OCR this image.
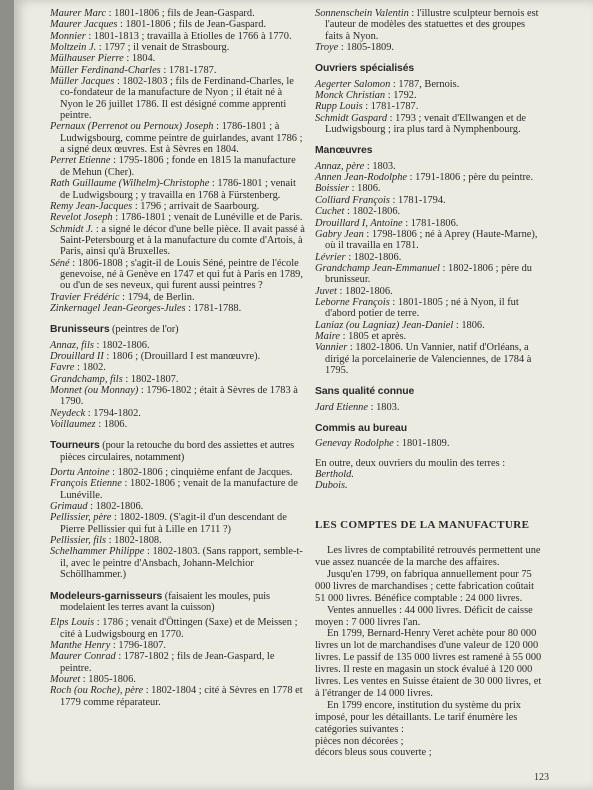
Maurer Marc : 1801-1806 ; fils de Jean-Gaspard.

Maurer Jacques : 1801-1806 ; fils de Jean-Gaspard.

Monnier : 1801-1813 ; travailla à Etiolles de 1766 à 1770.

Moltzein J. : 1797 ; il venait de Strasbourg.

Mülhauser Pierre : 1804.

Müller Ferdinand-Charles : 1781-1787.

Müller Jacques : 1802-1803 ; fils de Ferdinand-Charles, le co-fondateur de la manufacture de Nyon ; il était né à Nyon le 26 juillet 1786. Il est désigné comme apprenti peintre.

Pernaux (Perrenot ou Pernoux) Joseph : 1786-1801 ; à Ludwigsbourg, comme peintre de guirlandes, avant 1786 ; a signé deux œuvres. Est à Sèvres en 1804.

Perret Etienne : 1795-1806 ; fonde en 1815 la manufacture de Mehun (Cher).

Rath Guillaume (Wilhelm)-Christophe : 1786-1801 ; venait de Ludwigsbourg ; y travailla en 1768 à Fürstenberg.

Remy Jean-Jacques : 1796 ; arrivait de Saarbourg.

Revelot Joseph : 1786-1801 ; venait de Lunéville et de Paris.

Schmidt J. : a signé le décor d'une belle pièce. Il avait passé à Saint-Petersbourg et à la manufacture du comte d'Artois, à Paris, ainsi qu'à Bruxelles.

Séné : 1806-1808 ; s'agit-il de Louis Séné, peintre de l'école genevoise, né à Genève en 1747 et qui fut à Paris en 1789, ou d'un de ses neveux, qui furent aussi peintres ?

Travier Frédéric : 1794, de Berlin.

Zinkernagel Jean-Georges-Jules : 1781-1788.

Brunisseurs (peintres de l'or)

Annaz, fils : 1802-1806.

Drouillard II : 1806 ; (Drouillard I est manœuvre).

Favre : 1802.

Grandchamp, fils : 1802-1807.

Monnet (ou Monnay) : 1796-1802 ; était à Sèvres de 1783 à 1790.

Neydeck : 1794-1802.

Voillaumez : 1806.

Tourneurs (pour la retouche du bord des assiettes et autres pièces circulaires, notamment)

Dortu Antoine : 1802-1806 ; cinquième enfant de Jacques.

François Etienne : 1802-1806 ; venait de la manufacture de Lunéville.

Grimaud : 1802-1806.

Pellissier, père : 1802-1809. (S'agit-il d'un descendant de Pierre Pellissier qui fut à Lille en 1711 ?)

Pellissier, fils : 1802-1808.

Schelhammer Philippe : 1802-1803. (Sans rapport, semble-t-il, avec le peintre d'Ansbach, Johann-Melchior Schöllhammer.)

Modeleurs-garnisseurs (faisaient les moules, puis modelaient les terres avant la cuisson)

Elps Louis : 1786 ; venait d'Öttingen (Saxe) et de Meissen ; cité à Ludwigsbourg en 1770.

Manthe Henry : 1796-1807.

Maurer Conrad : 1787-1802 ; fils de Jean-Gaspard, le peintre.

Mouret : 1805-1806.

Roch (ou Roche), père : 1802-1804 ; cité à Sèvres en 1778 et 1779 comme réparateur.

Sonnenschein Valentin : l'illustre sculpteur bernois est l'auteur de modèles des statuettes et des groupes faits à Nyon.

Troye : 1805-1809.

Ouvriers spécialisés

Aegerter Salomon : 1787, Bernois.

Monck Christian : 1792.

Rupp Louis : 1781-1787.

Schmidt Gaspard : 1793 ; venait d'Ellwangen et de Ludwigsbourg ; ira plus tard à Nymphenbourg.

Manœuvres

Annaz, père : 1803.

Annen Jean-Rodolphe : 1791-1806 ; père du peintre.

Boissier : 1806.

Colliard François : 1781-1794.

Cuchet : 1802-1806.

Drouillard I, Antoine : 1781-1806.

Gabry Jean : 1798-1806 ; né à Aprey (Haute-Marne), où il travailla en 1781.

Lévrier : 1802-1806.

Grandchamp Jean-Emmanuel : 1802-1806 ; père du brunisseur.

Juvet : 1802-1806.

Leborne François : 1801-1805 ; né à Nyon, il fut d'abord potier de terre.

Laniaz (ou Lagniaz) Jean-Daniel : 1806.

Maire : 1805 et après.

Vannier : 1802-1806. Un Vannier, natif d'Orléans, a dirigé la porcelainerie de Valenciennes, de 1784 à 1795.

Sans qualité connue

Jard Etienne : 1803.

Commis au bureau

Genevay Rodolphe : 1801-1809.

En outre, deux ouvriers du moulin des terres :

Berthold.

Dubois.

LES COMPTES DE LA MANUFACTURE

Les livres de comptabilité retrouvés permettent une vue assez nuancée de la marche des affaires.

Jusqu'en 1799, on fabriqua annuellement pour 75 000 livres de marchandises ; cette fabrication coûtait 51 000 livres. Bénéfice comptable : 24 000 livres.

Ventes annuelles : 44 000 livres. Déficit de caisse moyen : 7 000 livres l'an.

En 1799, Bernard-Henry Veret achète pour 80 000 livres un lot de marchandises d'une valeur de 120 000 livres. Le passif de 135 000 livres est ramené à 55 000 livres. Il reste en magasin un stock évalué à 120 000 livres. Les ventes en Suisse étaient de 30 000 livres, et à l'étranger de 14 000 livres.

En 1799 encore, institution du système du prix imposé, pour les détaillants. Le tarif énumère les catégories suivantes :

pièces non décorées ;

décors bleus sous couverte ;

123
